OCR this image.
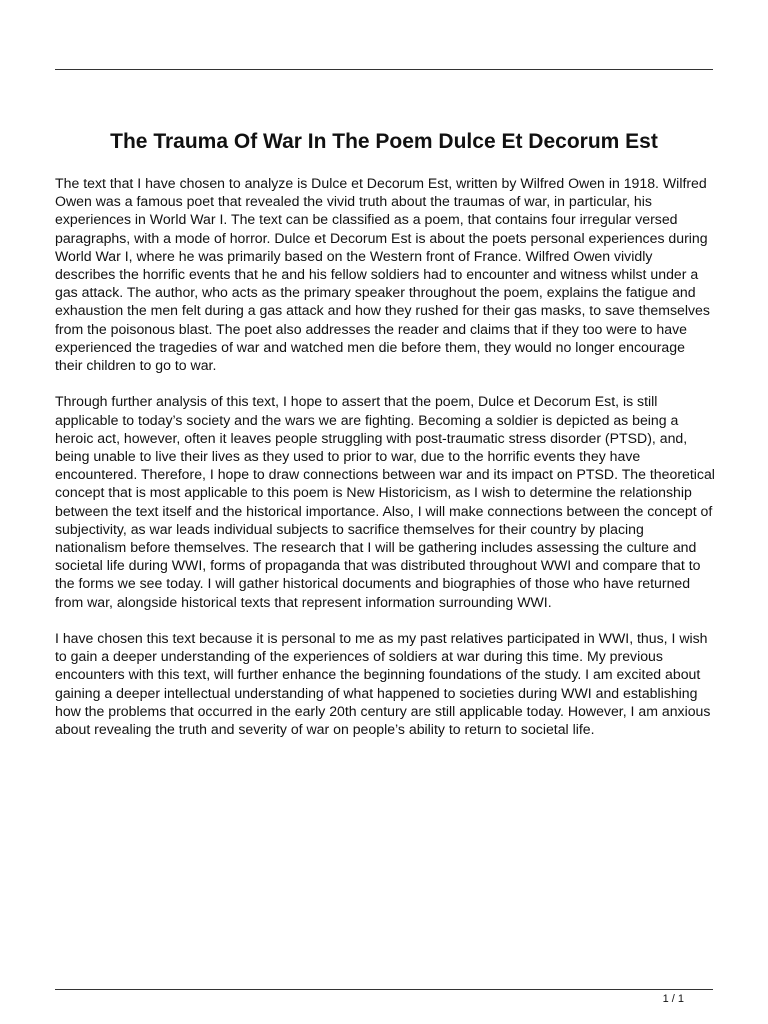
The Trauma Of War In The Poem Dulce Et Decorum Est

The text that I have chosen to analyze is Dulce et Decorum Est, written by Wilfred Owen in 1918. Wilfred Owen was a famous poet that revealed the vivid truth about the traumas of war, in particular, his experiences in World War I. The text can be classified as a poem, that contains four irregular versed paragraphs, with a mode of horror. Dulce et Decorum Est is about the poets personal experiences during World War I, where he was primarily based on the Western front of France. Wilfred Owen vividly describes the horrific events that he and his fellow soldiers had to encounter and witness whilst under a gas attack. The author, who acts as the primary speaker throughout the poem, explains the fatigue and exhaustion the men felt during a gas attack and how they rushed for their gas masks, to save themselves from the poisonous blast. The poet also addresses the reader and claims that if they too were to have experienced the tragedies of war and watched men die before them, they would no longer encourage their children to go to war.

Through further analysis of this text, I hope to assert that the poem, Dulce et Decorum Est, is still applicable to today’s society and the wars we are fighting. Becoming a soldier is depicted as being a heroic act, however, often it leaves people struggling with post-traumatic stress disorder (PTSD), and, being unable to live their lives as they used to prior to war, due to the horrific events they have encountered. Therefore, I hope to draw connections between war and its impact on PTSD. The theoretical concept that is most applicable to this poem is New Historicism, as I wish to determine the relationship between the text itself and the historical importance. Also, I will make connections between the concept of subjectivity, as war leads individual subjects to sacrifice themselves for their country by placing nationalism before themselves. The research that I will be gathering includes assessing the culture and societal life during WWI, forms of propaganda that was distributed throughout WWI and compare that to the forms we see today. I will gather historical documents and biographies of those who have returned from war, alongside historical texts that represent information surrounding WWI.

I have chosen this text because it is personal to me as my past relatives participated in WWI, thus, I wish to gain a deeper understanding of the experiences of soldiers at war during this time. My previous encounters with this text, will further enhance the beginning foundations of the study. I am excited about gaining a deeper intellectual understanding of what happened to societies during WWI and establishing how the problems that occurred in the early 20th century are still applicable today. However, I am anxious about revealing the truth and severity of war on people’s ability to return to societal life.

1 / 1
